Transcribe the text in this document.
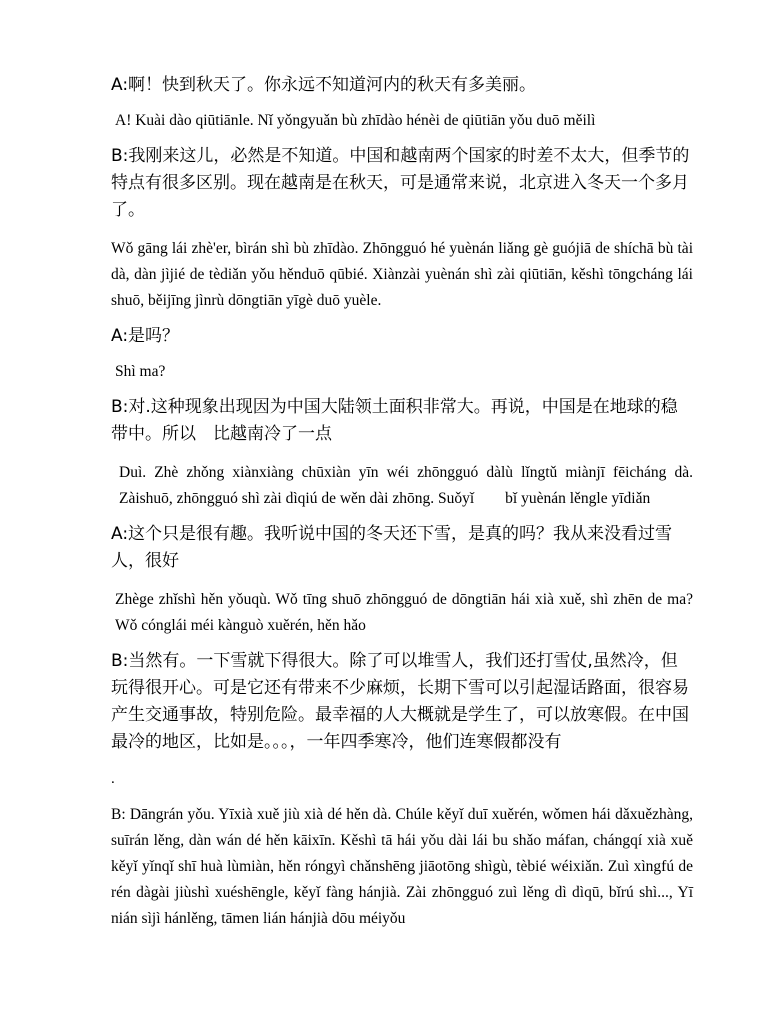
A:啊！快到秋天了。你永远不知道河内的秋天有多美丽。

A! Kuài dào qiūtiānle. Nǐ yǒngyuǎn bù zhīdào hénèi de qiūtiān yǒu duō měilì

B:我刚来这儿，必然是不知道。中国和越南两个国家的时差不太大，但季节的特点有很多区别。现在越南是在秋天，可是通常来说，北京进入冬天一个多月了。

Wǒ gāng lái zhè'er, bìrán shì bù zhīdào. Zhōngguó hé yuènán liǎng gè guójiā de shíchā bù tài dà, dàn jìjié de tèdiǎn yǒu hěnduō qūbié. Xiànzài yuènán shì zài qiūtiān, kěshì tōngcháng lái shuō, běijīng jìnrù dōngtiān yīgè duō yuèle.

A:是吗？

Shì ma?

B:对.这种现象出现因为中国大陆领土面积非常大。再说，中国是在地球的稳带中。所以　比越南冷了一点

Duì. Zhè zhǒng xiànxiàng chūxiàn yīn wéi zhōngguó dàlù lǐngtǔ miànjī fēicháng dà. Zàishuō, zhōngguó shì zài dìqiú de wěn dài zhōng. Suǒyǐ　　bǐ yuènán lěngle yīdiǎn

A:这个只是很有趣。我听说中国的冬天还下雪，是真的吗？我从来没看过雪人，很好

Zhège zhǐshì hěn yǒuqù. Wǒ tīng shuō zhōngguó de dōngtiān hái xià xuě, shì zhēn de ma? Wǒ cónglái méi kànguò xuěrén, hěn hǎo

B:当然有。一下雪就下得很大。除了可以堆雪人，我们还打雪仗,虽然冷，但玩得很开心。可是它还有带来不少麻烦，长期下雪可以引起湿话路面，很容易产生交通事故，特别危险。最幸福的人大概就是学生了，可以放寒假。在中国最冷的地区，比如是。。。，一年四季寒冷，他们连寒假都没有

.

B: Dāngrán yǒu. Yīxià xuě jiù xià dé hěn dà. Chúle kěyǐ duī xuěrén, wǒmen hái dǎxuězhàng, suīrán lěng, dàn wán dé hěn kāixīn. Kěshì tā hái yǒu dài lái bu shǎo máfan, chángqí xià xuě kěyǐ yǐnqǐ shī huà lùmiàn, hěn róngyì chǎnshēng jiāotōng shìgù, tèbié wéixiǎn. Zuì xìngfú de rén dàgài jiùshì xuéshēngle, kěyǐ fàng hánjià. Zài zhōngguó zuì lěng dì dìqū, bǐrú shì..., Yī nián sìjì hánlěng, tāmen lián hánjià dōu méiyǒu
